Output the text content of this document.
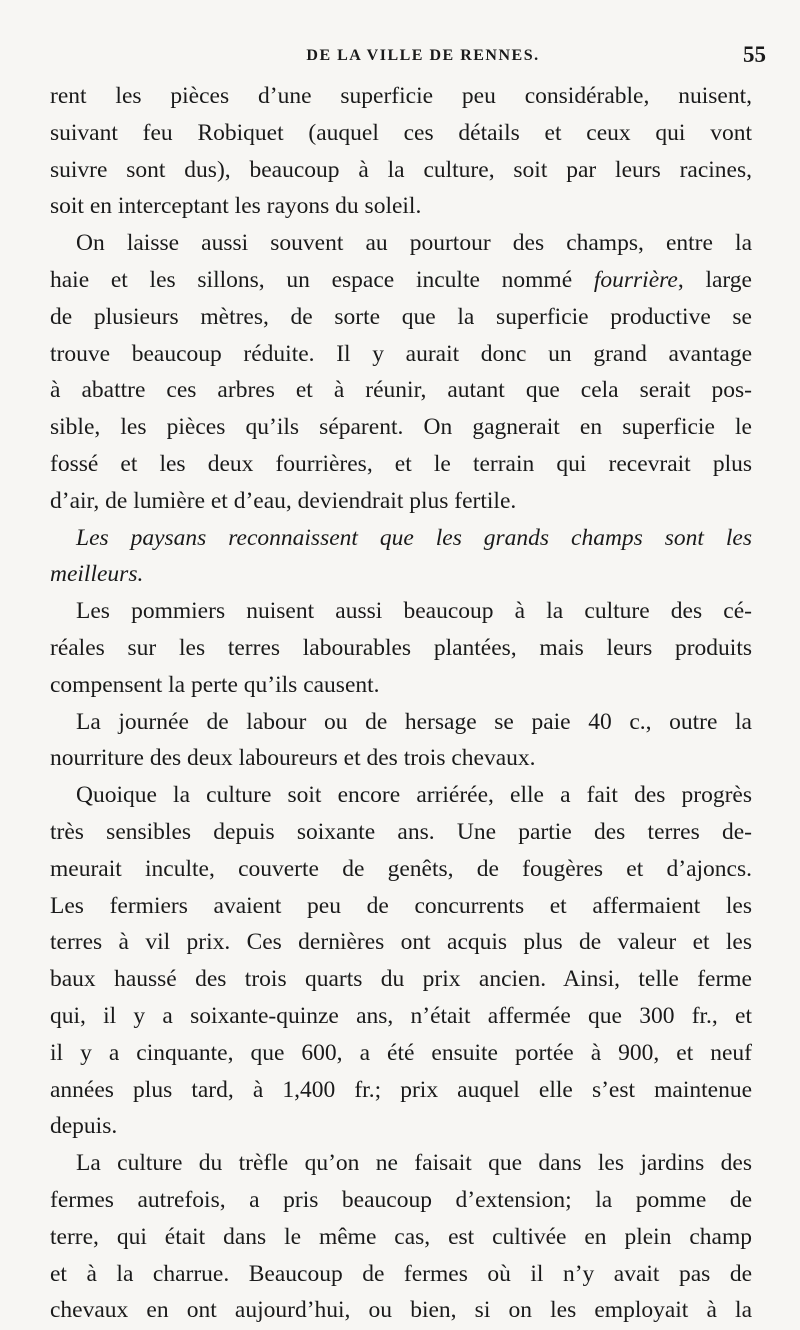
DE LA VILLE DE RENNES.	55
rent les pièces d’une superficie peu considérable, nuisent,
suivant feu Robiquet (auquel ces détails et ceux qui vont
suivre sont dus), beaucoup à la culture, soit par leurs racines,
soit en interceptant les rayons du soleil.
On laisse aussi souvent au pourtour des champs, entre la
haie et les sillons, un espace inculte nommé fourrière, large
de plusieurs mètres, de sorte que la superficie productive se
trouve beaucoup réduite. Il y aurait donc un grand avantage
à abattre ces arbres et à réunir, autant que cela serait pos-
sible, les pièces qu’ils séparent. On gagnerait en superficie le
fossé et les deux fourrières, et le terrain qui recevrait plus
d’air, de lumière et d’eau, deviendrait plus fertile.
Les paysans reconnaissent que les grands champs sont les
meilleurs.
Les pommiers nuisent aussi beaucoup à la culture des cé-
réales sur les terres labourables plantées, mais leurs produits
compensent la perte qu’ils causent.
La journée de labour ou de hersage se paie 40 c., outre la
nourriture des deux laboureurs et des trois chevaux.
Quoique la culture soit encore arriérée, elle a fait des progrès
très sensibles depuis soixante ans. Une partie des terres de-
meurait inculte, couverte de genêts, de fougères et d’ajoncs.
Les fermiers avaient peu de concurrents et affermaient les
terres à vil prix. Ces dernières ont acquis plus de valeur et les
baux haussé des trois quarts du prix ancien. Ainsi, telle ferme
qui, il y a soixante-quinze ans, n’était affermée que 300 fr., et
il y a cinquante, que 600, a été ensuite portée à 900, et neuf
années plus tard, à 1,400 fr.; prix auquel elle s’est maintenue
depuis.
La culture du trèfle qu’on ne faisait que dans les jardins des
fermes autrefois, a pris beaucoup d’extension; la pomme de
terre, qui était dans le même cas, est cultivée en plein champ
et à la charrue. Beaucoup de fermes où il n’y avait pas de
chevaux en ont aujourd’hui, ou bien, si on les employait à la
